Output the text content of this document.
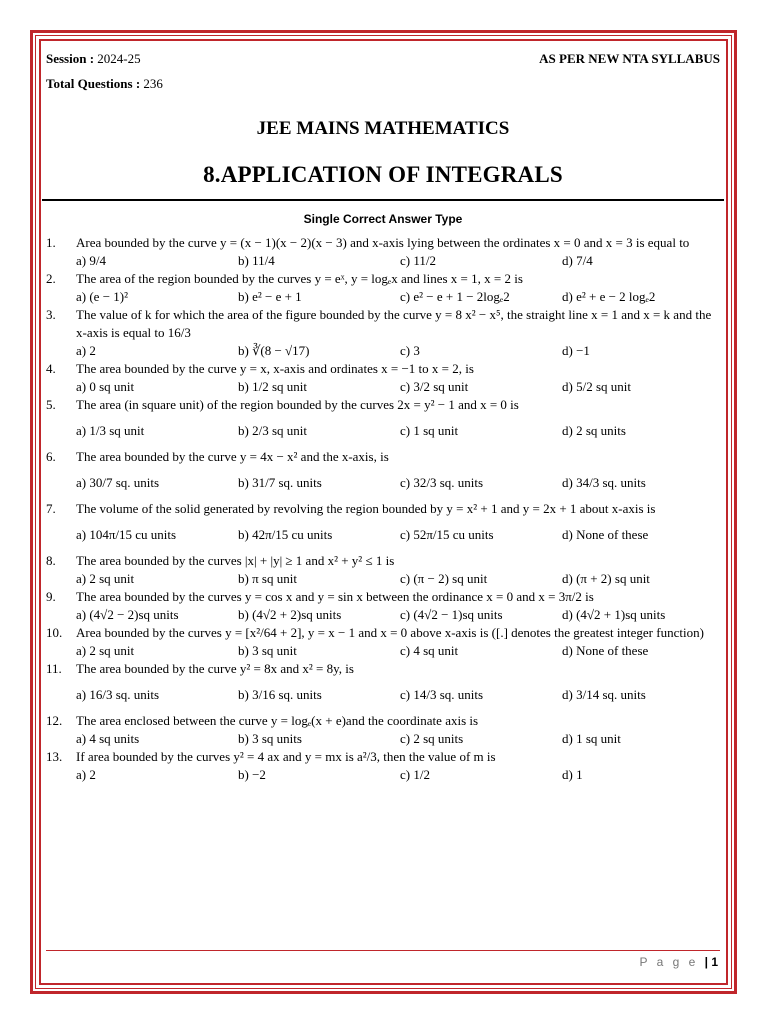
Session : 2024-25	AS PER NEW NTA SYLLABUS
Total Questions : 236
JEE MAINS MATHEMATICS
8.APPLICATION OF INTEGRALS
Single Correct Answer Type
1.	Area bounded by the curve y = (x − 1)(x − 2)(x − 3) and x-axis lying between the ordinates x = 0 and x = 3 is equal to
a) 9/4	b) 11/4	c) 11/2	d) 7/4
2.	The area of the region bounded by the curves y = eˣ, y = logₑx and lines x = 1, x = 2 is
a) (e − 1)²	b) e² − e + 1	c) e² − e + 1 − 2logₑ2	d) e² + e − 2 logₑ2
3.	The value of k for which the area of the figure bounded by the curve y = 8 x² − x⁵, the straight line x = 1 and x = k and the x-axis is equal to 16/3
a) 2	b) ∛(8 − √17)	c) 3	d) −1
4.	The area bounded by the curve y = x, x-axis and ordinates x = −1 to x = 2, is
a) 0 sq unit	b) 1/2 sq unit	c) 3/2 sq unit	d) 5/2 sq unit
5.	The area (in square unit) of the region bounded by the curves 2x = y² − 1 and x = 0 is
a) 1/3 sq unit	b) 2/3 sq unit	c) 1 sq unit	d) 2 sq units
6.	The area bounded by the curve y = 4x − x² and the x-axis, is
a) 30/7 sq. units	b) 31/7 sq. units	c) 32/3 sq. units	d) 34/3 sq. units
7.	The volume of the solid generated by revolving the region bounded by y = x² + 1 and y = 2x + 1 about x-axis is
a) 104π/15 cu units	b) 42π/15 cu units	c) 52π/15 cu units	d) None of these
8.	The area bounded by the curves |x| + |y| ≥ 1 and x² + y² ≤ 1 is
a) 2 sq unit	b) π sq unit	c) (π − 2) sq unit	d) (π + 2) sq unit
9.	The area bounded by the curves y = cos x and y = sin x between the ordinance x = 0 and x = 3π/2 is
a) (4√2 − 2)sq units	b) (4√2 + 2)sq units	c) (4√2 − 1)sq units	d) (4√2 + 1)sq units
10.	Area bounded by the curves y = [x²/64 + 2], y = x − 1 and x = 0 above x-axis is ([.] denotes the greatest integer function)
a) 2 sq unit	b) 3 sq unit	c) 4 sq unit	d) None of these
11.	The area bounded by the curve y² = 8x and x² = 8y, is
a) 16/3 sq. units	b) 3/16 sq. units	c) 14/3 sq. units	d) 3/14 sq. units
12.	The area enclosed between the curve y = logₑ(x + e)and the coordinate axis is
a) 4 sq units	b) 3 sq units	c) 2 sq units	d) 1 sq unit
13.	If area bounded by the curves y² = 4 ax and y = mx is a²/3, then the value of m is
a) 2	b) −2	c) 1/2	d) 1
P a g e | 1
